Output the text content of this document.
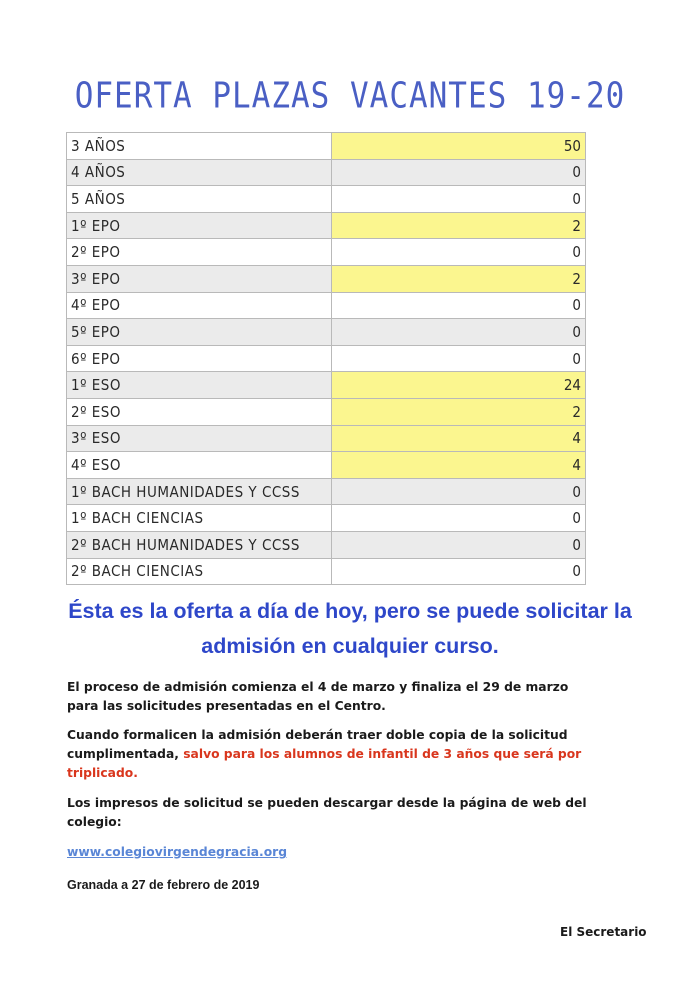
OFERTA PLAZAS VACANTES 19-20
3 AÑOS	50
4 AÑOS	0
5 AÑOS	0
1º EPO	2
2º EPO	0
3º EPO	2
4º EPO	0
5º EPO	0
6º EPO	0
1º ESO	24
2º ESO	2
3º ESO	4
4º ESO	4
1º BACH HUMANIDADES Y CCSS	0
1º BACH CIENCIAS	0
2º BACH HUMANIDADES Y CCSS	0
2º BACH CIENCIAS	0
Ésta es la oferta a día de hoy, pero se puede solicitar la admisión en cualquier curso.
El proceso de admisión comienza el 4 de marzo y finaliza el 29 de marzo para las solicitudes presentadas en el Centro.
Cuando formalicen la admisión deberán traer doble copia de la solicitud cumplimentada, salvo para los alumnos de infantil de 3 años que será por triplicado.
Los impresos de solicitud se pueden descargar desde la página de web del colegio:
www.colegiovirgendegracia.org
Granada a 27 de febrero de 2019
El Secretario
